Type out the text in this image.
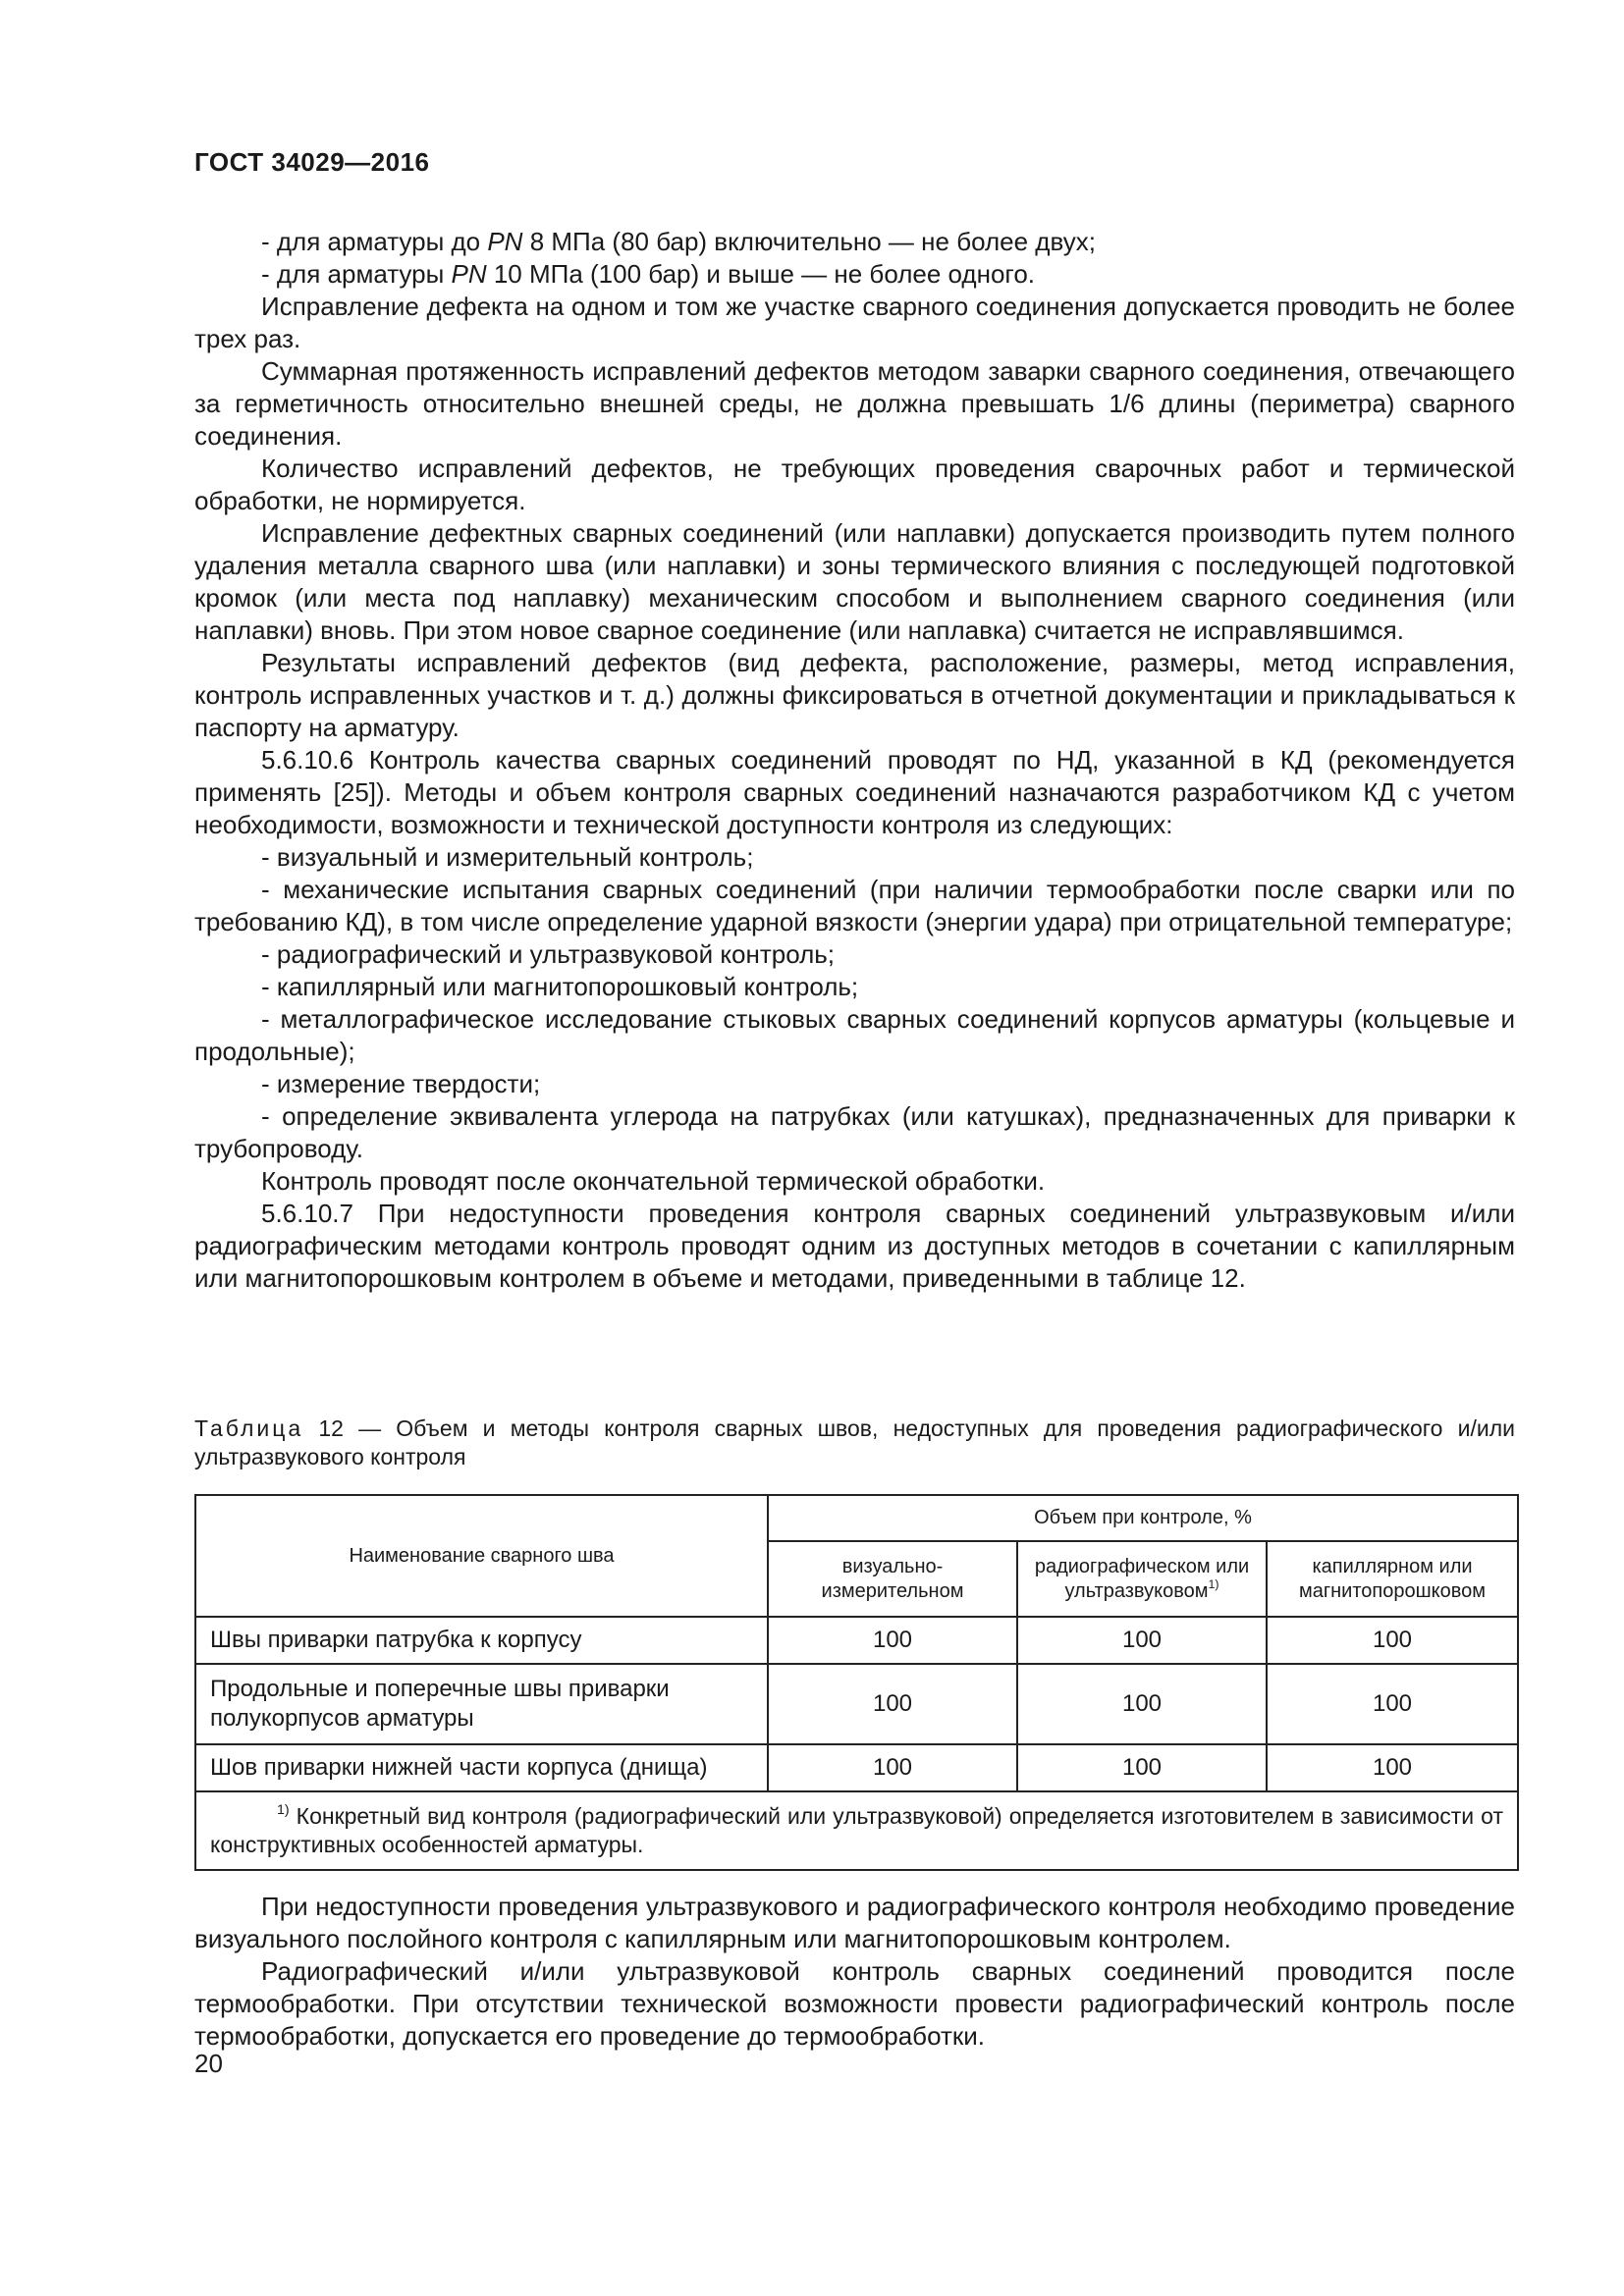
ГОСТ 34029—2016

- для арматуры до PN 8 МПа (80 бар) включительно — не более двух;

- для арматуры PN 10 МПа (100 бар) и выше — не более одного.

Исправление дефекта на одном и том же участке сварного соединения допускается проводить не более трех раз.

Суммарная протяженность исправлений дефектов методом заварки сварного соединения, отвечающего за герметичность относительно внешней среды, не должна превышать 1/6 длины (периметра) сварного соединения.

Количество исправлений дефектов, не требующих проведения сварочных работ и термической обработки, не нормируется.

Исправление дефектных сварных соединений (или наплавки) допускается производить путем полного удаления металла сварного шва (или наплавки) и зоны термического влияния с последующей подготовкой кромок (или места под наплавку) механическим способом и выполнением сварного соединения (или наплавки) вновь. При этом новое сварное соединение (или наплавка) считается не исправлявшимся.

Результаты исправлений дефектов (вид дефекта, расположение, размеры, метод исправления, контроль исправленных участков и т. д.) должны фиксироваться в отчетной документации и прикладываться к паспорту на арматуру.

5.6.10.6 Контроль качества сварных соединений проводят по НД, указанной в КД (рекомендуется применять [25]). Методы и объем контроля сварных соединений назначаются разработчиком КД с учетом необходимости, возможности и технической доступности контроля из следующих:

- визуальный и измерительный контроль;

- механические испытания сварных соединений (при наличии термообработки после сварки или по требованию КД), в том числе определение ударной вязкости (энергии удара) при отрицательной температуре;

- радиографический и ультразвуковой контроль;

- капиллярный или магнитопорошковый контроль;

- металлографическое исследование стыковых сварных соединений корпусов арматуры (кольцевые и продольные);

- измерение твердости;

- определение эквивалента углерода на патрубках (или катушках), предназначенных для приварки к трубопроводу.

Контроль проводят после окончательной термической обработки.

5.6.10.7 При недоступности проведения контроля сварных соединений ультразвуковым и/или радиографическим методами контроль проводят одним из доступных методов в сочетании с капиллярным или магнитопорошковым контролем в объеме и методами, приведенными в таблице 12.

Таблица 12 — Объем и методы контроля сварных швов, недоступных для проведения радиографического и/или ультразвукового контроля
Наименование сварного шва	Объем при контроле, %		
	визуально-измерительном	радиографическом или ультразвуковом$^{1)}$	капиллярном или магнитопорошковом
Швы приварки патрубка к корпусу	100	100	100
Продольные и поперечные швы приварки полукорпусов арматуры	100	100	100
Шов приварки нижней части корпуса (днища)	100	100	100
$^{1)}$ Конкретный вид контроля (радиографический или ультразвуковой) определяется изготовителем в зависимости от конструктивных особенностей арматуры.			

При недоступности проведения ультразвукового и радиографического контроля необходимо проведение визуального послойного контроля с капиллярным или магнитопорошковым контролем.

Радиографический и/или ультразвуковой контроль сварных соединений проводится после термообработки. При отсутствии технической возможности провести радиографический контроль после термообработки, допускается его проведение до термообработки.

20
